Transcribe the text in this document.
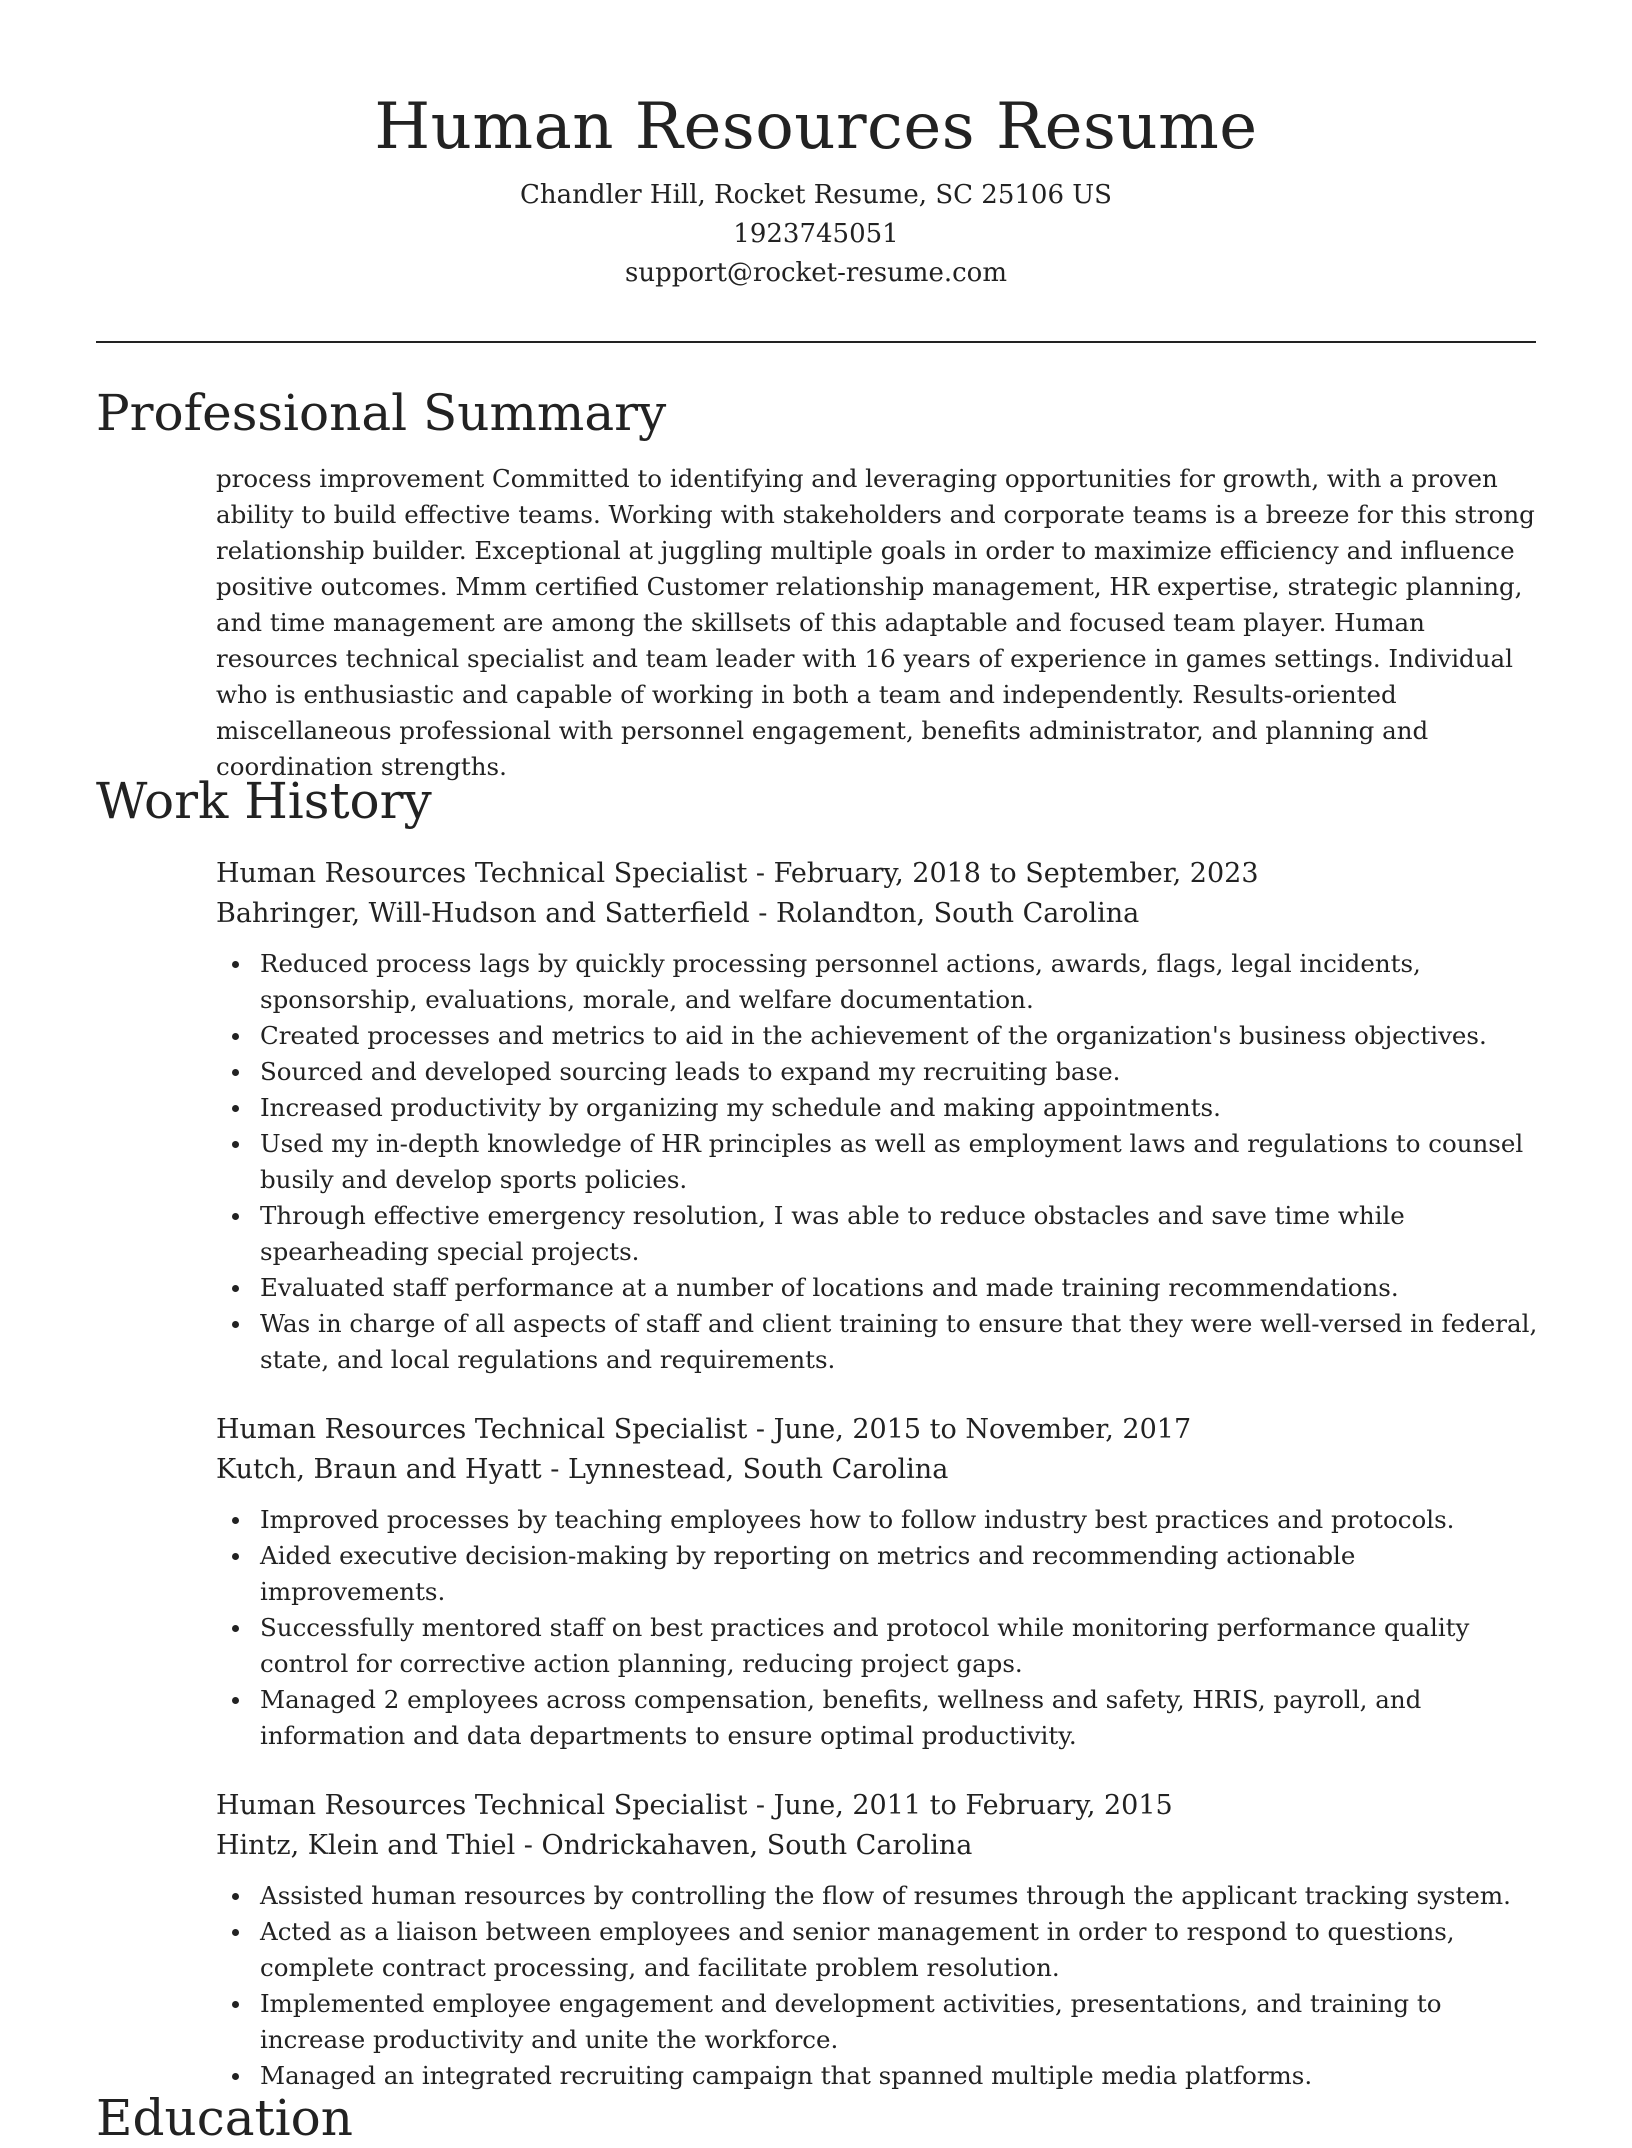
Human Resources Resume
Chandler Hill, Rocket Resume, SC 25106 US
1923745051
support@rocket-resume.com
Professional Summary

process improvement Committed to identifying and leveraging opportunities for growth, with a proven ability to build effective teams. Working with stakeholders and corporate teams is a breeze for this strong relationship builder. Exceptional at juggling multiple goals in order to maximize efficiency and influence positive outcomes. Mmm certified Customer relationship management, HR expertise, strategic planning, and time management are among the skillsets of this adaptable and focused team player. Human resources technical specialist and team leader with 16 years of experience in games settings. Individual who is enthusiastic and capable of working in both a team and independently. Results-oriented miscellaneous professional with personnel engagement, benefits administrator, and planning and coordination strengths.

Work History
Human Resources Technical Specialist - February, 2018 to September, 2023
Bahringer, Will-Hudson and Satterfield - Rolandton, South Carolina
Reduced process lags by quickly processing personnel actions, awards, flags, legal incidents, sponsorship, evaluations, morale, and welfare documentation.
Created processes and metrics to aid in the achievement of the organization's business objectives.
Sourced and developed sourcing leads to expand my recruiting base.
Increased productivity by organizing my schedule and making appointments.
Used my in-depth knowledge of HR principles as well as employment laws and regulations to counsel busily and develop sports policies.
Through effective emergency resolution, I was able to reduce obstacles and save time while spearheading special projects.
Evaluated staff performance at a number of locations and made training recommendations.
Was in charge of all aspects of staff and client training to ensure that they were well-versed in federal, state, and local regulations and requirements.
Human Resources Technical Specialist - June, 2015 to November, 2017
Kutch, Braun and Hyatt - Lynnestead, South Carolina
Improved processes by teaching employees how to follow industry best practices and protocols.
Aided executive decision-making by reporting on metrics and recommending actionable improvements.
Successfully mentored staff on best practices and protocol while monitoring performance quality control for corrective action planning, reducing project gaps.
Managed 2 employees across compensation, benefits, wellness and safety, HRIS, payroll, and information and data departments to ensure optimal productivity.
Human Resources Technical Specialist - June, 2011 to February, 2015
Hintz, Klein and Thiel - Ondrickahaven, South Carolina
Assisted human resources by controlling the flow of resumes through the applicant tracking system.
Acted as a liaison between employees and senior management in order to respond to questions, complete contract processing, and facilitate problem resolution.
Implemented employee engagement and development activities, presentations, and training to increase productivity and unite the workforce.
Managed an integrated recruiting campaign that spanned multiple media platforms.
Education
